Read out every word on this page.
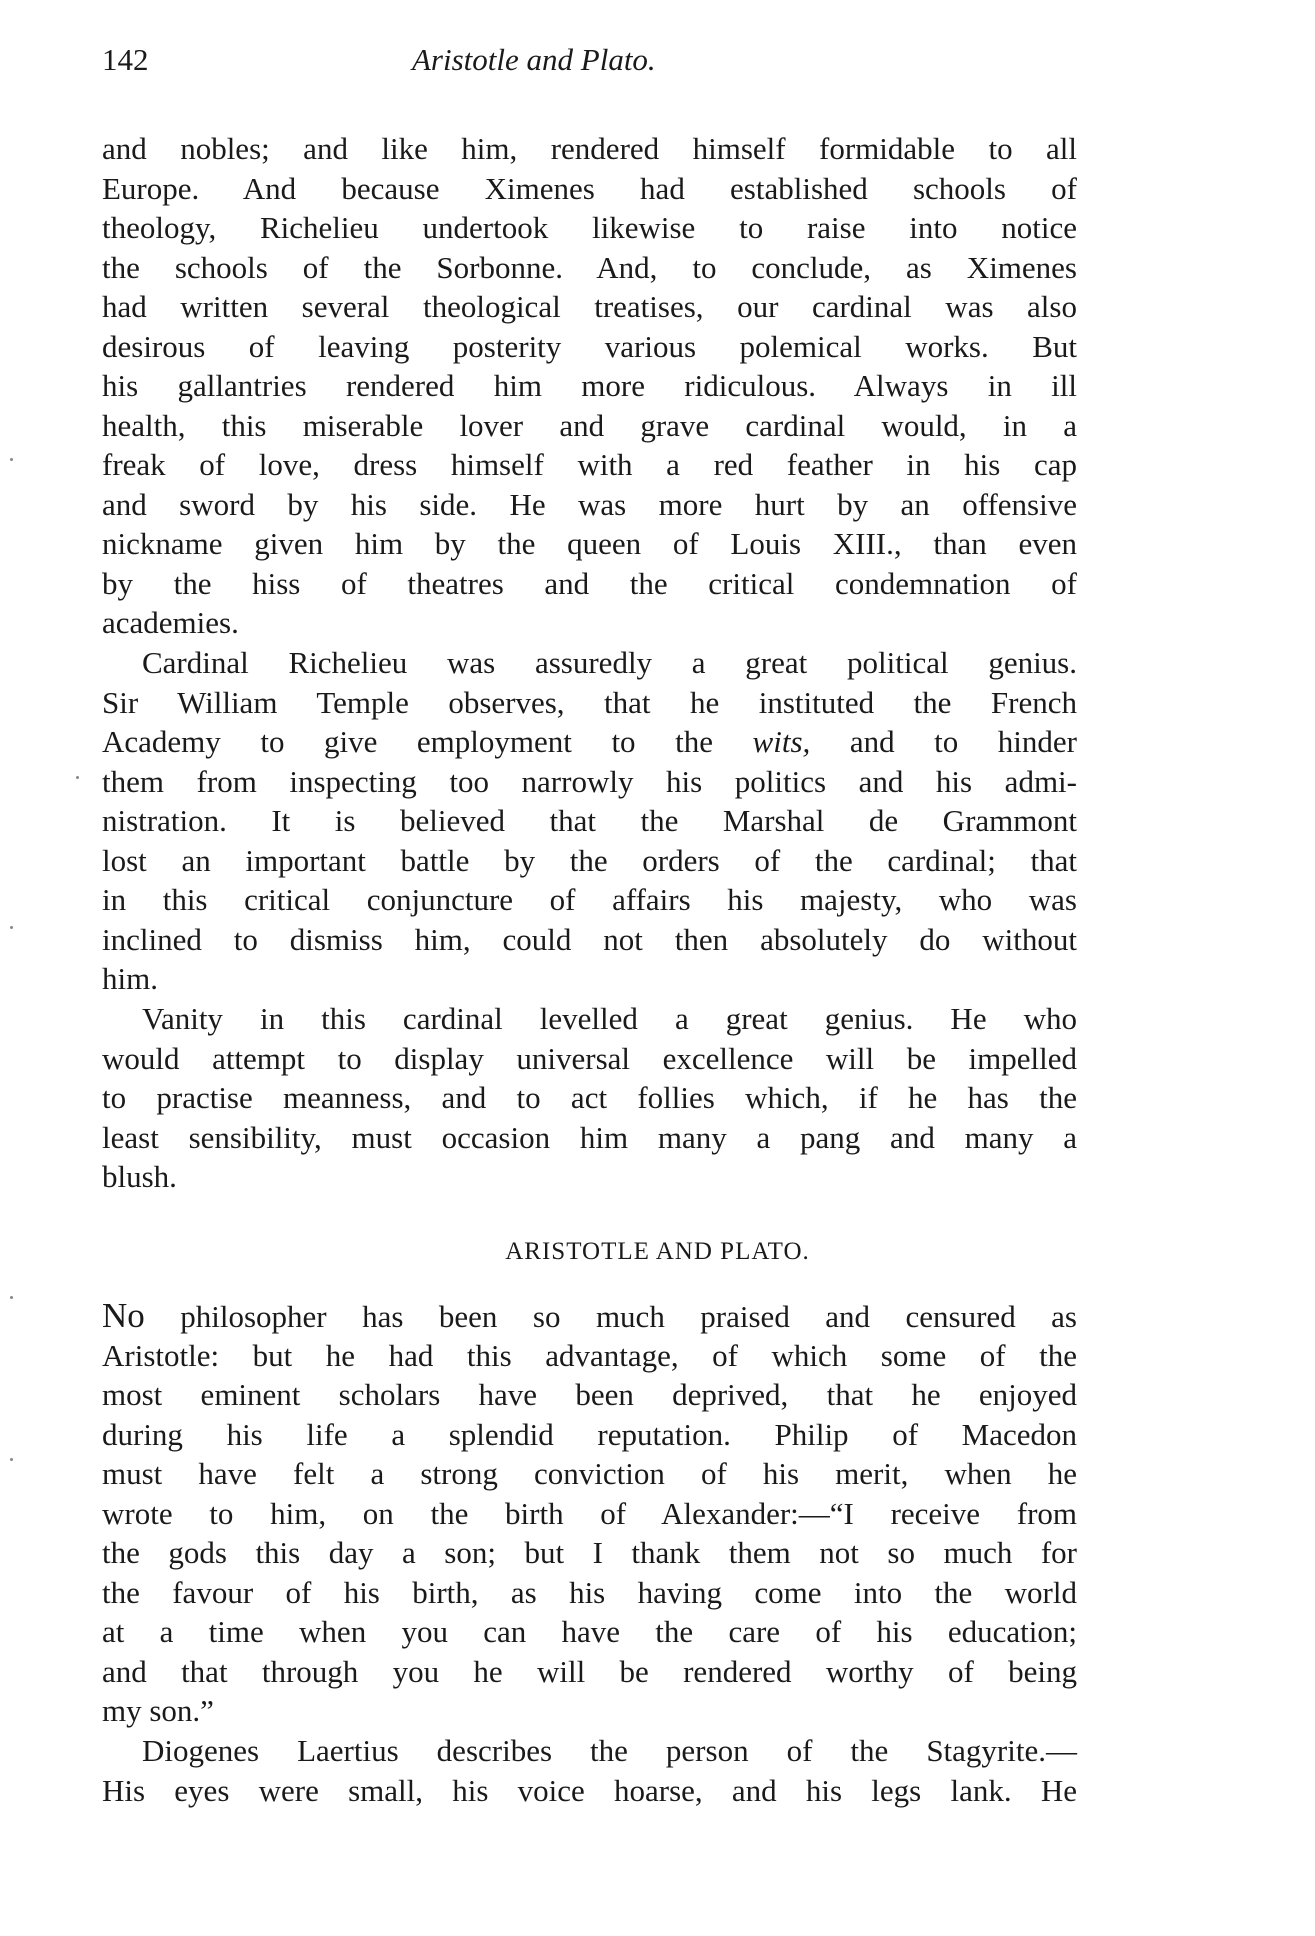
142	Aristotle and Plato.
and nobles; and like him, rendered himself formidable to all
Europe. And because Ximenes had established schools of
theology, Richelieu undertook likewise to raise into notice
the schools of the Sorbonne. And, to conclude, as Ximenes
had written several theological treatises, our cardinal was also
desirous of leaving posterity various polemical works. But
his gallantries rendered him more ridiculous. Always in ill
health, this miserable lover and grave cardinal would, in a
freak of love, dress himself with a red feather in his cap
and sword by his side. He was more hurt by an offensive
nickname given him by the queen of Louis XIII., than even
by the hiss of theatres and the critical condemnation of
academies.
Cardinal Richelieu was assuredly a great political genius.
Sir William Temple observes, that he instituted the French
Academy to give employment to the wits, and to hinder
them from inspecting too narrowly his politics and his admi-
nistration. It is believed that the Marshal de Grammont
lost an important battle by the orders of the cardinal; that
in this critical conjuncture of affairs his majesty, who was
inclined to dismiss him, could not then absolutely do without
him.
Vanity in this cardinal levelled a great genius. He who
would attempt to display universal excellence will be impelled
to practise meanness, and to act follies which, if he has the
least sensibility, must occasion him many a pang and many a
blush.
ARISTOTLE AND PLATO.
No philosopher has been so much praised and censured as
Aristotle: but he had this advantage, of which some of the
most eminent scholars have been deprived, that he enjoyed
during his life a splendid reputation. Philip of Macedon
must have felt a strong conviction of his merit, when he
wrote to him, on the birth of Alexander:—“I receive from
the gods this day a son; but I thank them not so much for
the favour of his birth, as his having come into the world
at a time when you can have the care of his education;
and that through you he will be rendered worthy of being
my son.”
Diogenes Laertius describes the person of the Stagyrite.—
His eyes were small, his voice hoarse, and his legs lank. He
